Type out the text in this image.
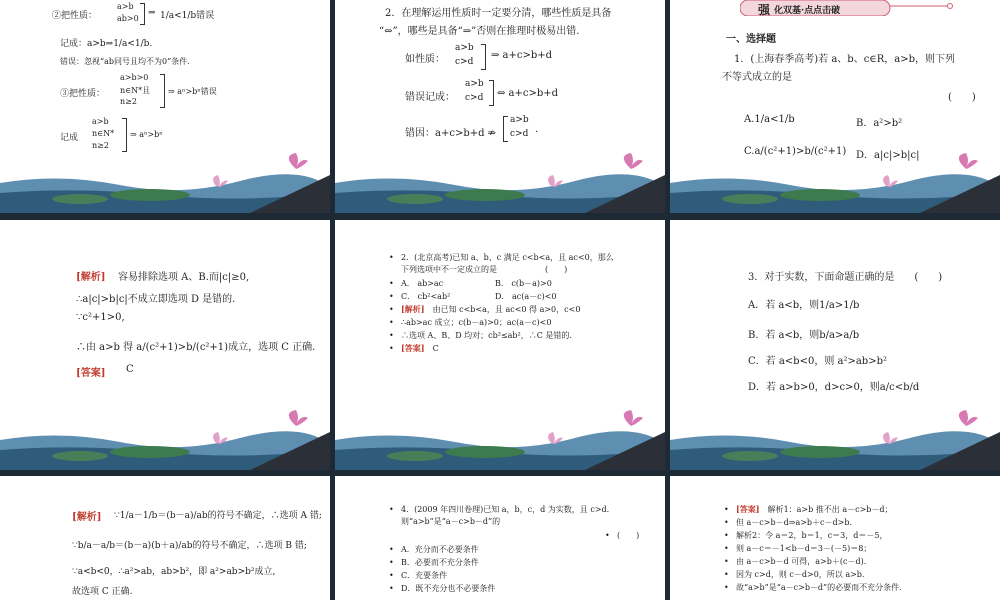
②把性质：
a>b
ab>0
⇒ 1/a<1/b错误
记成：a>b⇒1/a<1/b.
错误：忽视“ab同号且均不为0”条件.
③把性质：
a>b>0
n∈N*且
n≥2
⇒ aⁿ>bⁿ错误
记成
a>b
n∈N*
n≥2
⇒ aⁿ>bⁿ
2．在理解运用性质时一定要分清，哪些性质是具备
“⇔”，哪些是具备“⇒”否则在推理时极易出错.
如性质：
a>b
c>d
⇒ a+c>b+d
错误记成：
a>b
c>d	⇔ a+c>b+d
错因：a+c>b+d ⇏
a>b
c>d .
强 化双基·点点击破
一、选择题
1．(上海春季高考)若 a、b、c∈R，a>b，则下列
不等式成立的是
(　　)
A.1/a<1/b	B．a²>b²
C.a/(c²+1)>b/(c²+1) D．a|c|>b|c|
[解析]	容易排除选项 A、B.而|c|≥0,
∴a|c|>b|c|不成立即选项 D 是错的.
∵c²+1>0,
∴由 a>b 得 a/(c²+1)>b/(c²+1)成立，选项 C 正确.
[答案]	C
• 2．(北京高考)已知 a、b、c 满足 c<b<a，且 ac<0，那么
下列选项中不一定成立的是　　　　　　(　　)
• A． ab>ac	B． c(b－a)>0
• C． cb²<ab²	D． ac(a－c)<0
• [解析]　 由已知 c<b<a，且 ac<0 得 a>0，c<0
• ∴ab>ac 成立；c(b－a)>0；ac(a－c)<0
• ∴选项 A、B、D 均对；cb²≤ab²，∴C 是错的.
• [答案]　 C
3．对于实数，下面命题正确的是　　(　　)
A．若 a<b，则1/a>1/b
B．若 a<b，则b/a>a/b
C．若 a<b<0，则 a²>ab>b²
D．若 a>b>0，d>c>0，则a/c<b/d
[解析]	∵1/a－1/b＝(b－a)/ab的符号不确定，∴选项 A 错;
∵b/a－a/b＝(b－a)(b＋a)/ab的符号不确定，∴选项 B 错;
∵a<b<0，∴a²>ab，ab>b²，即 a²>ab>b²成立,
故选项 C 正确.
• 4．(2009 年四川卷理)已知 a，b，c，d 为实数，且 c>d.
则“a>b”是“a－c>b－d”的
• (　　)
• A．充分而不必要条件
• B．必要而不充分条件
• C．充要条件
• D．既不充分也不必要条件
• [答案]　 解析1：a>b 推不出 a－c>b－d；
• 但 a－c>b－d⇒a>b＋c－d>b.
• 解析2：令 a＝2，b＝1，c＝3，d＝－5，
• 则 a－c＝－1<b－d＝3－(－5)＝8；
• 由 a－c>b－d 可得，a>b＋(c－d).
• 因为 c>d，则 c－d>0，所以 a>b.
• 故“a>b”是“a－c>b－d”的必要而不充分条件.
